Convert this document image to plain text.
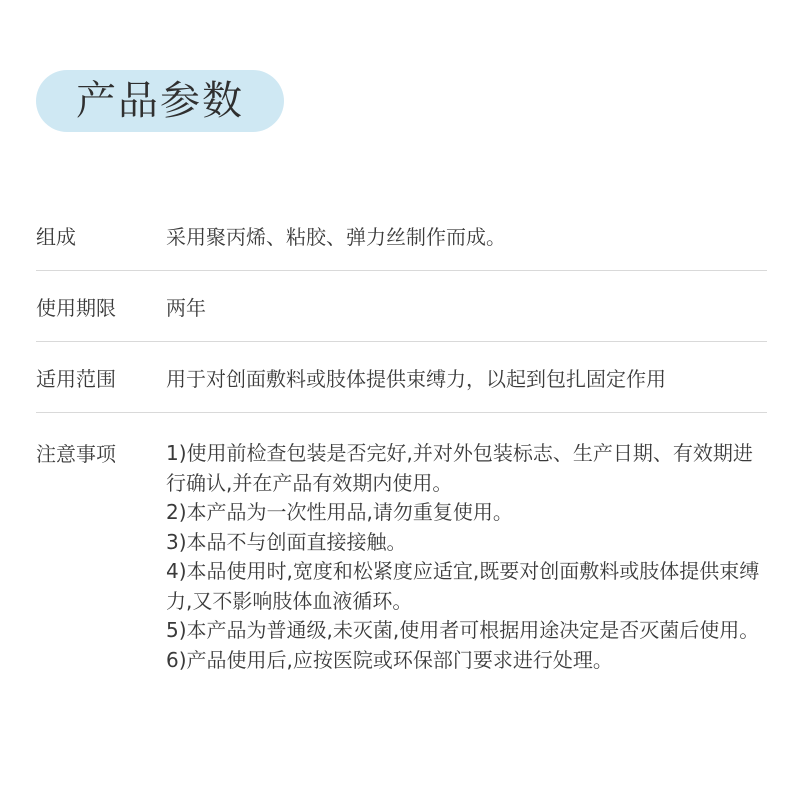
产品参数
组成	采用聚丙烯、粘胶、弹力丝制作而成。
使用期限	两年
适用范围	用于对创面敷料或肢体提供束缚力，以起到包扎固定作用
注意事项	1)使用前检查包装是否完好,并对外包装标志、生产日期、有效期进行确认,并在产品有效期内使用。
2)本产品为一次性用品,请勿重复使用。
3)本品不与创面直接接触。
4)本品使用时,宽度和松紧度应适宜,既要对创面敷料或肢体提供束缚力,又不影响肢体血液循环。
5)本产品为普通级,未灭菌,使用者可根据用途决定是否灭菌后使用。
6)产品使用后,应按医院或环保部门要求进行处理。
